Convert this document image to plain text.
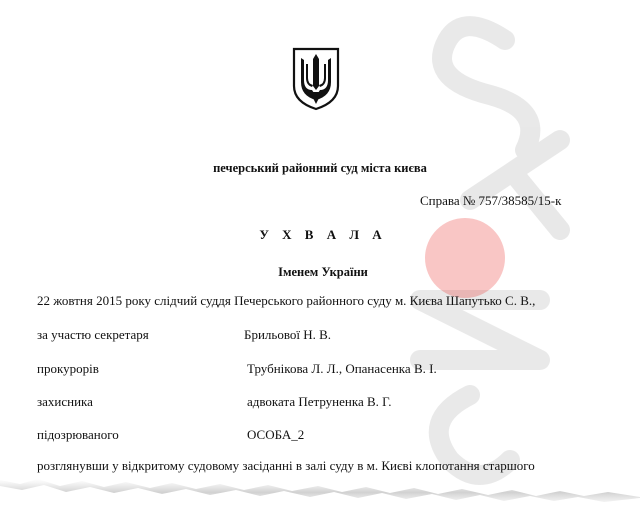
печерський районний суд міста києва
Справа № 757/38585/15-к
У Х В А Л А
Іменем України
22 жовтня 2015 року слідчий суддя Печерського районного суду м. Києва Шапутько С. В.,
за участю секретаря	Брильової Н. В.
прокурорів	Трубнікова Л. Л., Опанасенка В. І.
захисника	адвоката Петруненка В. Г.
підозрюваного	ОСОБА_2
розглянувши у відкритому судовому засіданні в залі суду в м. Києві клопотання старшого
